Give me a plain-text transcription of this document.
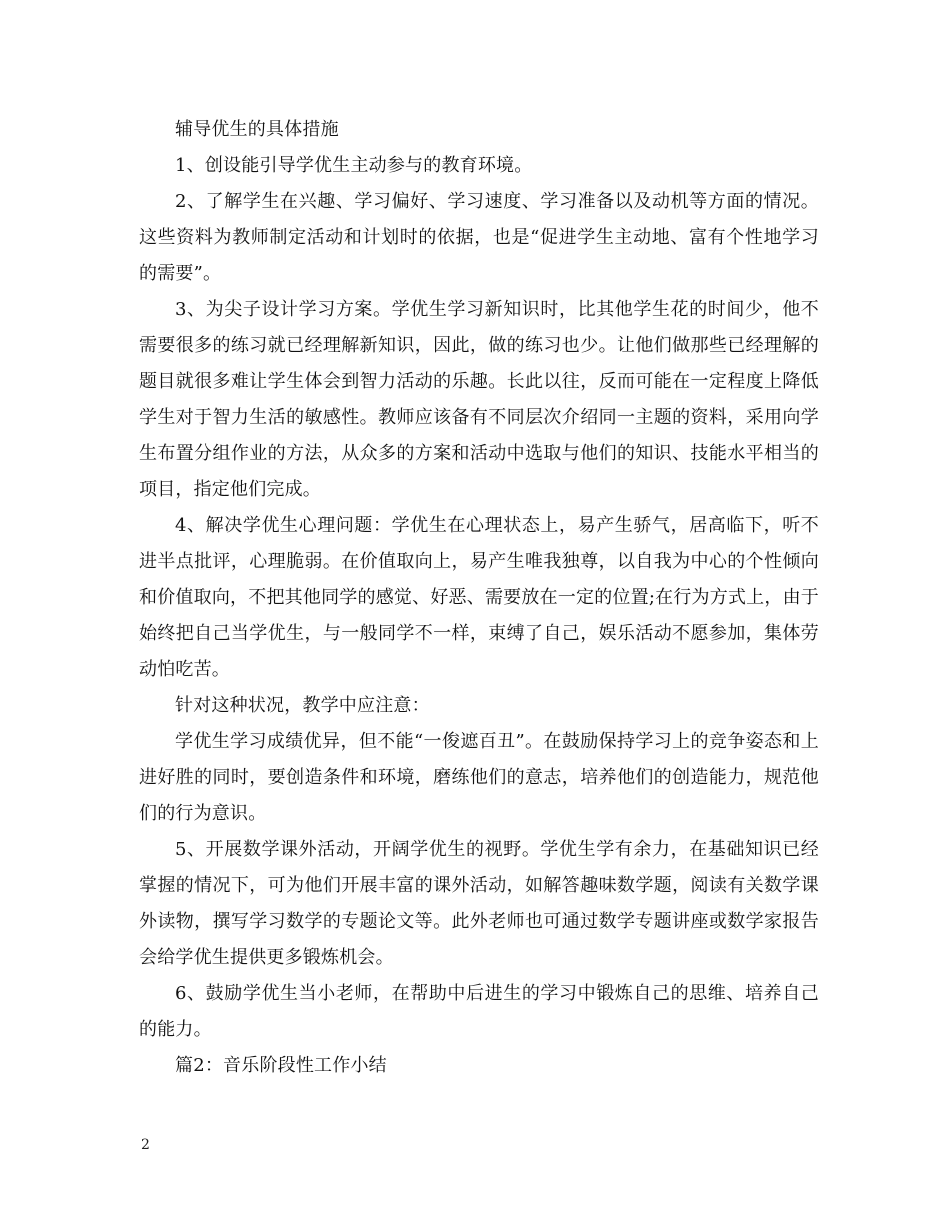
辅导优生的具体措施

1、创设能引导学优生主动参与的教育环境。

2、了解学生在兴趣、学习偏好、学习速度、学习准备以及动机等方面的情况。这些资料为教师制定活动和计划时的依据，也是“促进学生主动地、富有个性地学习的需要”。

3、为尖子设计学习方案。学优生学习新知识时，比其他学生花的时间少，他不需要很多的练习就已经理解新知识，因此，做的练习也少。让他们做那些已经理解的题目就很多难让学生体会到智力活动的乐趣。长此以往，反而可能在一定程度上降低学生对于智力生活的敏感性。教师应该备有不同层次介绍同一主题的资料，采用向学生布置分组作业的方法，从众多的方案和活动中选取与他们的知识、技能水平相当的项目，指定他们完成。

4、解决学优生心理问题：学优生在心理状态上，易产生骄气，居高临下，听不进半点批评，心理脆弱。在价值取向上，易产生唯我独尊，以自我为中心的个性倾向和价值取向，不把其他同学的感觉、好恶、需要放在一定的位置;在行为方式上，由于始终把自己当学优生，与一般同学不一样，束缚了自己，娱乐活动不愿参加，集体劳动怕吃苦。

针对这种状况，教学中应注意：

学优生学习成绩优异，但不能“一俊遮百丑”。在鼓励保持学习上的竞争姿态和上进好胜的同时，要创造条件和环境，磨练他们的意志，培养他们的创造能力，规范他们的行为意识。

5、开展数学课外活动，开阔学优生的视野。学优生学有余力，在基础知识已经掌握的情况下，可为他们开展丰富的课外活动，如解答趣味数学题，阅读有关数学课外读物，撰写学习数学的专题论文等。此外老师也可通过数学专题讲座或数学家报告会给学优生提供更多锻炼机会。

6、鼓励学优生当小老师，在帮助中后进生的学习中锻炼自己的思维、培养自己的能力。

篇2：音乐阶段性工作小结

2
